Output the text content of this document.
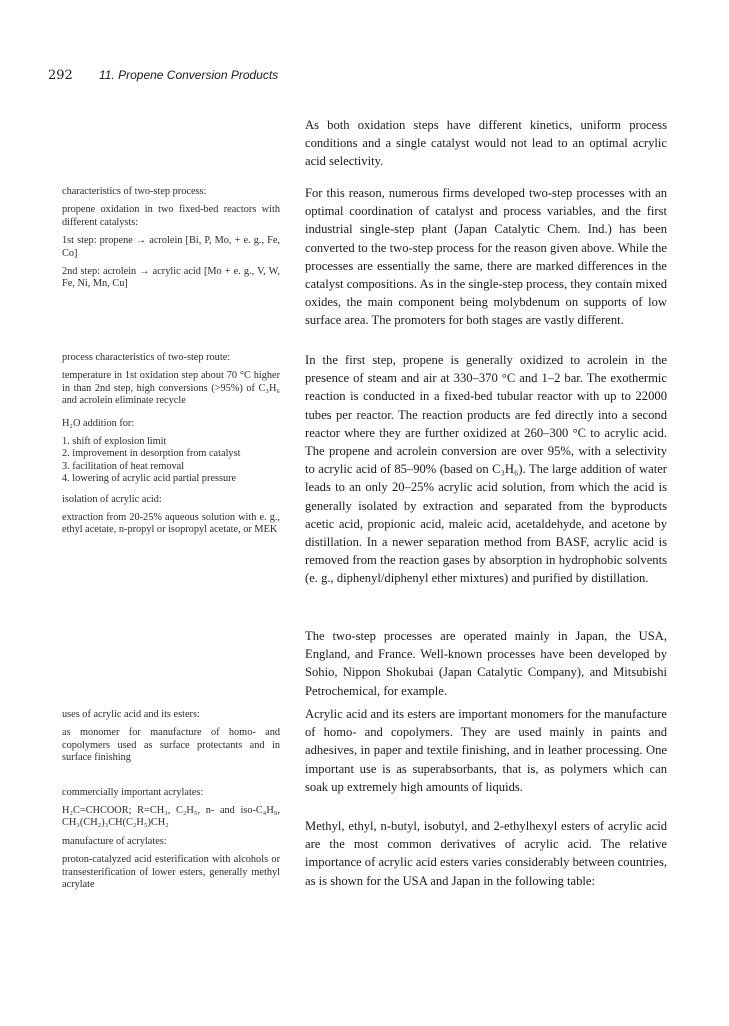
292 11. Propene Conversion Products

As both oxidation steps have different kinetics, uniform process conditions and a single catalyst would not lead to an optimal acrylic acid selectivity.

For this reason, numerous firms developed two-step processes with an optimal coordination of catalyst and process variables, and the first industrial single-step plant (Japan Catalytic Chem. Ind.) has been converted to the two-step process for the reason given above. While the processes are essentially the same, there are marked differences in the catalyst compositions. As in the single-step process, they contain mixed oxides, the main component being molybdenum on supports of low surface area. The promoters for both stages are vastly different.

In the first step, propene is generally oxidized to acrolein in the presence of steam and air at 330–370 °C and 1–2 bar. The exothermic reaction is conducted in a fixed-bed tubular reactor with up to 22000 tubes per reactor. The reaction products are fed directly into a second reactor where they are further oxidized at 260–300 °C to acrylic acid. The propene and acrolein conversion are over 95%, with a selectivity to acrylic acid of 85–90% (based on C₃H₆). The large addition of water leads to an only 20–25% acrylic acid solution, from which the acid is generally isolated by extraction and separated from the byproducts acetic acid, propionic acid, maleic acid, acetaldehyde, and acetone by distillation. In a newer separation method from BASF, acrylic acid is removed from the reaction gases by absorption in hydrophobic solvents (e. g., diphenyl/diphenyl ether mixtures) and purified by distillation.

The two-step processes are operated mainly in Japan, the USA, England, and France. Well-known processes have been developed by Sohio, Nippon Shokubai (Japan Catalytic Company), and Mitsubishi Petrochemical, for example.

Acrylic acid and its esters are important monomers for the manufacture of homo- and copolymers. They are used mainly in paints and adhesives, in paper and textile finishing, and in leather processing. One important use is as superabsorbants, that is, as polymers which can soak up extremely high amounts of liquids.

Methyl, ethyl, n-butyl, isobutyl, and 2-ethylhexyl esters of acrylic acid are the most common derivatives of acrylic acid. The relative importance of acrylic acid esters varies considerably between countries, as is shown for the USA and Japan in the following table:

characteristics of two-step process:

propene oxidation in two fixed-bed reactors with different catalysts:

1st step: propene → acrolein [Bi, P, Mo, + e. g., Fe, Co]

2nd step: acrolein → acrylic acid [Mo + e. g., V, W, Fe, Ni, Mn, Cu]

process characteristics of two-step route:

temperature in 1st oxidation step about 70 °C higher in than 2nd step, high conversions (>95%) of C₃H₆ and acrolein eliminate recycle

H₂O addition for:

1. shift of explosion limit

2. improvement in desorption from catalyst

3. facilitation of heat removal

4. lowering of acrylic acid partial pressure

isolation of acrylic acid:

extraction from 20-25% aqueous solution with e. g., ethyl acetate, n-propyl or isopropyl acetate, or MEK

uses of acrylic acid and its esters:

as monomer for manufacture of homo- and copolymers used as surface protectants and in surface finishing

commercially important acrylates:

H₂C=CHCOOR; R=CH₃, C₂H₅, n- and iso-C₄H₉, CH₃(CH₂)₃CH(C₂H₅)CH₂

manufacture of acrylates:

proton-catalyzed acid esterification with alcohols or transesterification of lower esters, generally methyl acrylate
